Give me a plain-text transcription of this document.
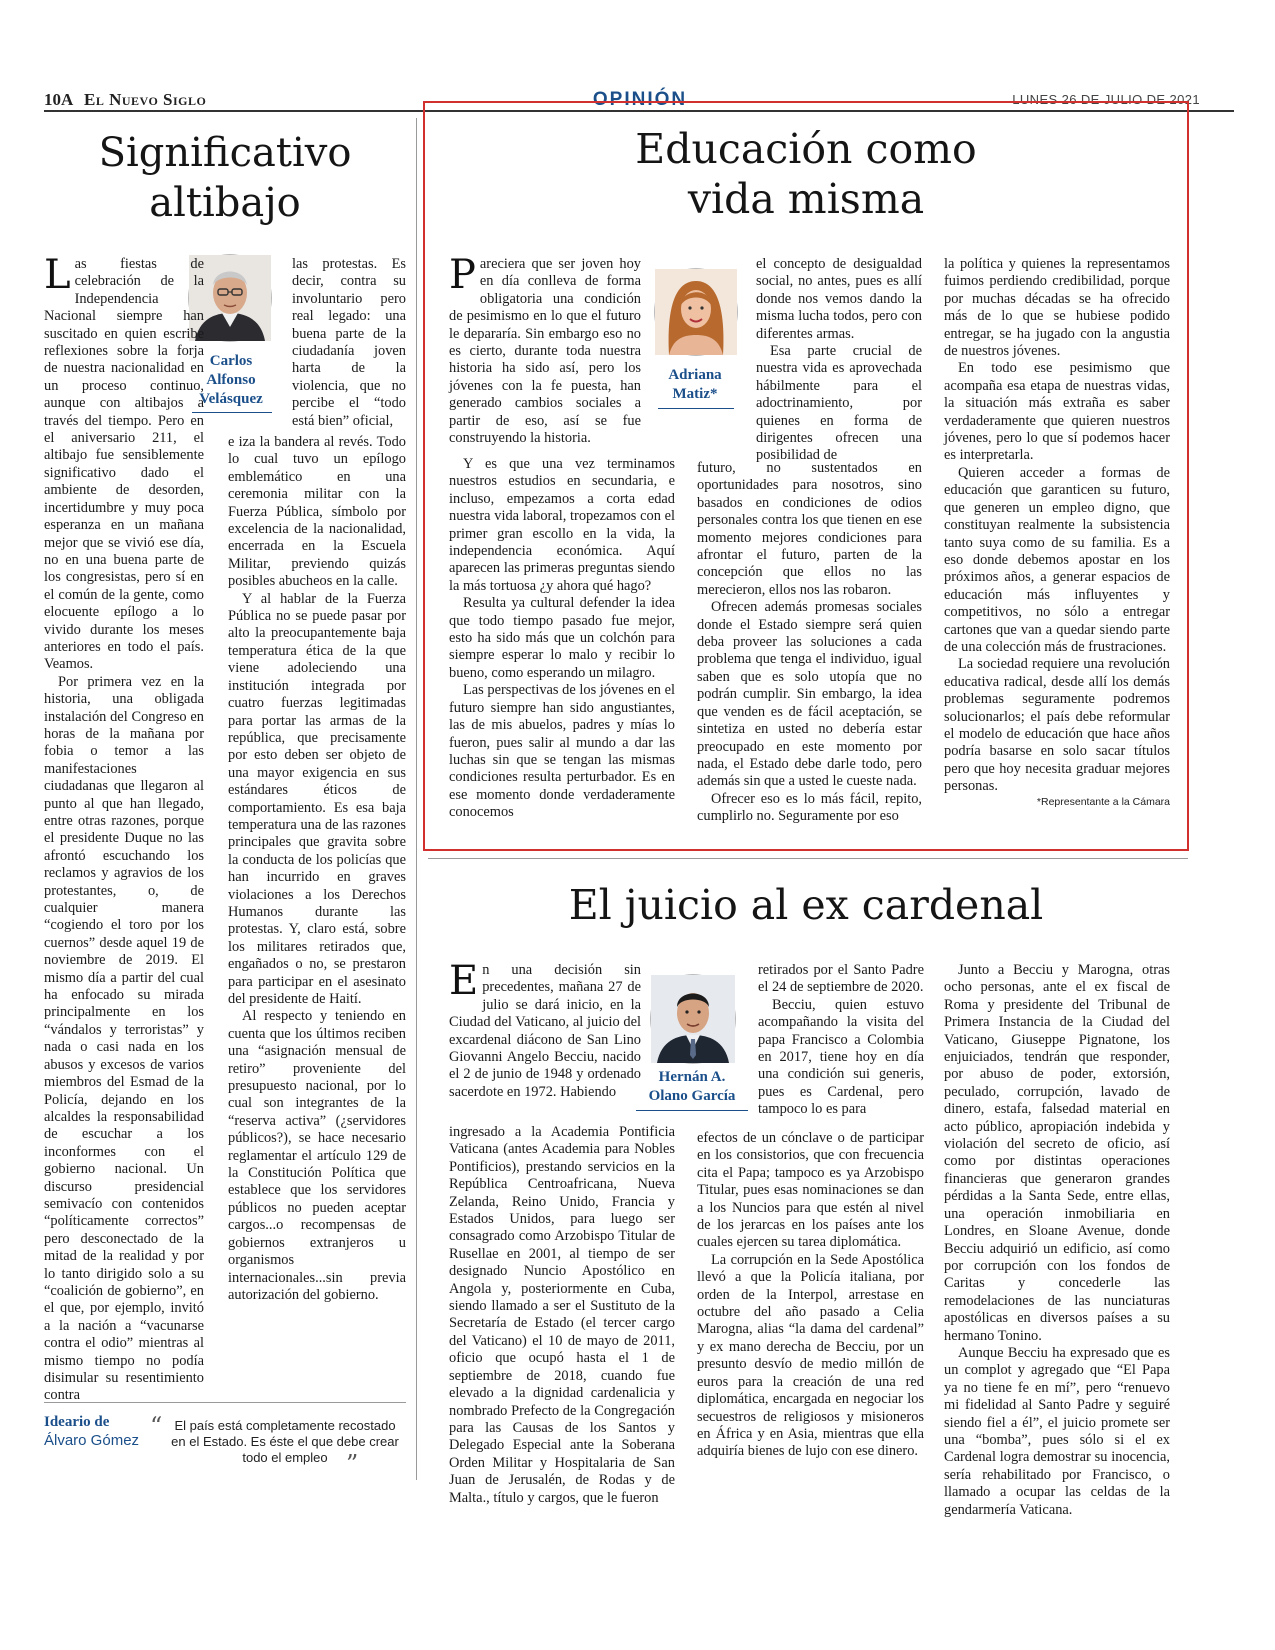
10A El Nuevo Siglo	OPINIÓN	LUNES 26 DE JULIO DE 2021
Significativo
altibajo
Carlos
Alfonso
Velásquez

Las fiestas de celebración de la Independencia Nacional siempre han suscitado en quien escribe reflexiones sobre la forja de nuestra nacionalidad en un proceso continuo, aunque con altibajos a través del tiempo. Pero en el aniversario 211, el altibajo fue sensiblemente significativo dado el ambiente de desorden, incertidumbre y muy poca esperanza en un mañana mejor que se vivió ese día, no en una buena parte de los congresistas, pero sí en el común de la gente, como elocuente epílogo a lo vivido durante los meses anteriores en todo el país. Veamos.

Por primera vez en la historia, una obligada instalación del Congreso en horas de la mañana por fobia o temor a las manifestaciones ciudadanas que llegaron al punto al que han llegado, entre otras razones, porque el presidente Duque no las afrontó escuchando los reclamos y agravios de los protestantes, o, de cualquier manera “cogiendo el toro por los cuernos” desde aquel 19 de noviembre de 2019. El mismo día a partir del cual ha enfocado su mirada principalmente en los “vándalos y terroristas” y nada o casi nada en los abusos y excesos de varios miembros del Esmad de la Policía, dejando en los alcaldes la responsabilidad de escuchar a los inconformes con el gobierno nacional. Un discurso presidencial semivacío con contenidos “políticamente correctos” pero desconectado de la mitad de la realidad y por lo tanto dirigido solo a su “coalición de gobierno”, en el que, por ejemplo, invitó a la nación a “vacunarse contra el odio” mientras al mismo tiempo no podía disimular su resentimiento contra

las protestas. Es decir, contra su involuntario pero real legado: una buena parte de la ciudadanía joven harta de la violencia, que no percibe el “todo está bien” oficial,

e iza la bandera al revés. Todo lo cual tuvo un epílogo emblemático en una ceremonia militar con la Fuerza Pública, símbolo por excelencia de la nacionalidad, encerrada en la Escuela Militar, previendo quizás posibles abucheos en la calle.

Y al hablar de la Fuerza Pública no se puede pasar por alto la preocupantemente baja temperatura ética de la que viene adoleciendo una institución integrada por cuatro fuerzas legitimadas para portar las armas de la república, que precisamente por esto deben ser objeto de una mayor exigencia en sus estándares éticos de comportamiento. Es esa baja temperatura una de las razones principales que gravita sobre la conducta de los policías que han incurrido en graves violaciones a los Derechos Humanos durante las protestas. Y, claro está, sobre los militares retirados que, engañados o no, se prestaron para participar en el asesinato del presidente de Haití.

Al respecto y teniendo en cuenta que los últimos reciben una “asignación mensual de retiro” proveniente del presupuesto nacional, por lo cual son integrantes de la “reserva activa” (¿servidores públicos?), se hace necesario reglamentar el artículo 129 de la Constitución Política que establece que los servidores públicos no pueden aceptar cargos...o recompensas de gobiernos extranjeros u organismos internacionales...sin previa autorización del gobierno.

Ideario de
Álvaro Gómez
“ El país está completamente recostado en el Estado. Es éste el que debe crear todo el empleo ”
Educación como
vida misma
Adriana
Matiz*

Pareciera que ser joven hoy en día conlleva de forma obligatoria una condición de pesimismo en lo que el futuro le depararía. Sin embargo eso no es cierto, durante toda nuestra historia ha sido así, pero los jóvenes con la fe puesta, han generado cambios sociales a partir de eso, así se fue construyendo la historia.

Y es que una vez terminamos nuestros estudios en secundaria, e incluso, empezamos a corta edad nuestra vida laboral, tropezamos con el primer gran escollo en la vida, la independencia económica. Aquí aparecen las primeras preguntas siendo la más tortuosa ¿y ahora qué hago?

Resulta ya cultural defender la idea que todo tiempo pasado fue mejor, esto ha sido más que un colchón para siempre esperar lo malo y recibir lo bueno, como esperando un milagro.

Las perspectivas de los jóvenes en el futuro siempre han sido angustiantes, las de mis abuelos, padres y mías lo fueron, pues salir al mundo a dar las luchas sin que se tengan las mismas condiciones resulta perturbador. Es en ese momento donde verdaderamente conocemos

el concepto de desigualdad social, no antes, pues es allí donde nos vemos dando la misma lucha todos, pero con diferentes armas.

Esa parte crucial de nuestra vida es aprovechada hábilmente para el adoctrinamiento, por quienes en forma de dirigentes ofrecen una posibilidad de

futuro, no sustentados en oportunidades para nosotros, sino basados en condiciones de odios personales contra los que tienen en ese momento mejores condiciones para afrontar el futuro, parten de la concepción que ellos no las merecieron, ellos nos las robaron.

Ofrecen además promesas sociales donde el Estado siempre será quien deba proveer las soluciones a cada problema que tenga el individuo, igual saben que es solo utopía que no podrán cumplir. Sin embargo, la idea que venden es de fácil aceptación, se sintetiza en usted no debería estar preocupado en este momento por nada, el Estado debe darle todo, pero además sin que a usted le cueste nada.

Ofrecer eso es lo más fácil, repito, cumplirlo no. Seguramente por eso

la política y quienes la representamos fuimos perdiendo credibilidad, porque por muchas décadas se ha ofrecido más de lo que se hubiese podido entregar, se ha jugado con la angustia de nuestros jóvenes.

En todo ese pesimismo que acompaña esa etapa de nuestras vidas, la situación más extraña es saber verdaderamente que quieren nuestros jóvenes, pero lo que sí podemos hacer es interpretarla.

Quieren acceder a formas de educación que garanticen su futuro, que generen un empleo digno, que constituyan realmente la subsistencia tanto suya como de su familia. Es a eso donde debemos apostar en los próximos años, a generar espacios de educación más influyentes y competitivos, no sólo a entregar cartones que van a quedar siendo parte de una colección más de frustraciones.

La sociedad requiere una revolución educativa radical, desde allí los demás problemas seguramente podremos solucionarlos; el país debe reformular el modelo de educación que hace años podría basarse en solo sacar títulos pero que hoy necesita graduar mejores personas.

*Representante a la Cámara
El juicio al ex cardenal
Hernán A.
Olano García

En una decisión sin precedentes, mañana 27 de julio se dará inicio, en la Ciudad del Vaticano, al juicio del excardenal diácono de San Lino Giovanni Angelo Becciu, nacido el 2 de junio de 1948 y ordenado sacerdote en 1972. Habiendo

ingresado a la Academia Pontificia Vaticana (antes Academia para Nobles Pontificios), prestando servicios en la República Centroafricana, Nueva Zelanda, Reino Unido, Francia y Estados Unidos, para luego ser consagrado como Arzobispo Titular de Rusellae en 2001, al tiempo de ser designado Nuncio Apostólico en Angola y, posteriormente en Cuba, siendo llamado a ser el Sustituto de la Secretaría de Estado (el tercer cargo del Vaticano) el 10 de mayo de 2011, oficio que ocupó hasta el 1 de septiembre de 2018, cuando fue elevado a la dignidad cardenalicia y nombrado Prefecto de la Congregación para las Causas de los Santos y Delegado Especial ante la Soberana Orden Militar y Hospitalaria de San Juan de Jerusalén, de Rodas y de Malta., título y cargos, que le fueron

retirados por el Santo Padre el 24 de septiembre de 2020.

Becciu, quien estuvo acompañando la visita del papa Francisco a Colombia en 2017, tiene hoy en día una condición sui generis, pues es Cardenal, pero tampoco lo es para

efectos de un cónclave o de participar en los consistorios, que con frecuencia cita el Papa; tampoco es ya Arzobispo Titular, pues esas nominaciones se dan a los Nuncios para que estén al nivel de los jerarcas en los países ante los cuales ejercen su tarea diplomática.

La corrupción en la Sede Apostólica llevó a que la Policía italiana, por orden de la Interpol, arrestase en octubre del año pasado a Celia Marogna, alias “la dama del cardenal” y ex mano derecha de Becciu, por un presunto desvío de medio millón de euros para la creación de una red diplomática, encargada en negociar los secuestros de religiosos y misioneros en África y en Asia, mientras que ella adquiría bienes de lujo con ese dinero.

Junto a Becciu y Marogna, otras ocho personas, ante el ex fiscal de Roma y presidente del Tribunal de Primera Instancia de la Ciudad del Vaticano, Giuseppe Pignatone, los enjuiciados, tendrán que responder, por abuso de poder, extorsión, peculado, corrupción, lavado de dinero, estafa, falsedad material en acto público, apropiación indebida y violación del secreto de oficio, así como por distintas operaciones financieras que generaron grandes pérdidas a la Santa Sede, entre ellas, una operación inmobiliaria en Londres, en Sloane Avenue, donde Becciu adquirió un edificio, así como por corrupción con los fondos de Caritas y concederle las remodelaciones de las nunciaturas apostólicas en diversos países a su hermano Tonino.

Aunque Becciu ha expresado que es un complot y agregado que “El Papa ya no tiene fe en mí”, pero “renuevo mi fidelidad al Santo Padre y seguiré siendo fiel a él”, el juicio promete ser una “bomba”, pues sólo si el ex Cardenal logra demostrar su inocencia, sería rehabilitado por Francisco, o llamado a ocupar las celdas de la gendarmería Vaticana.
